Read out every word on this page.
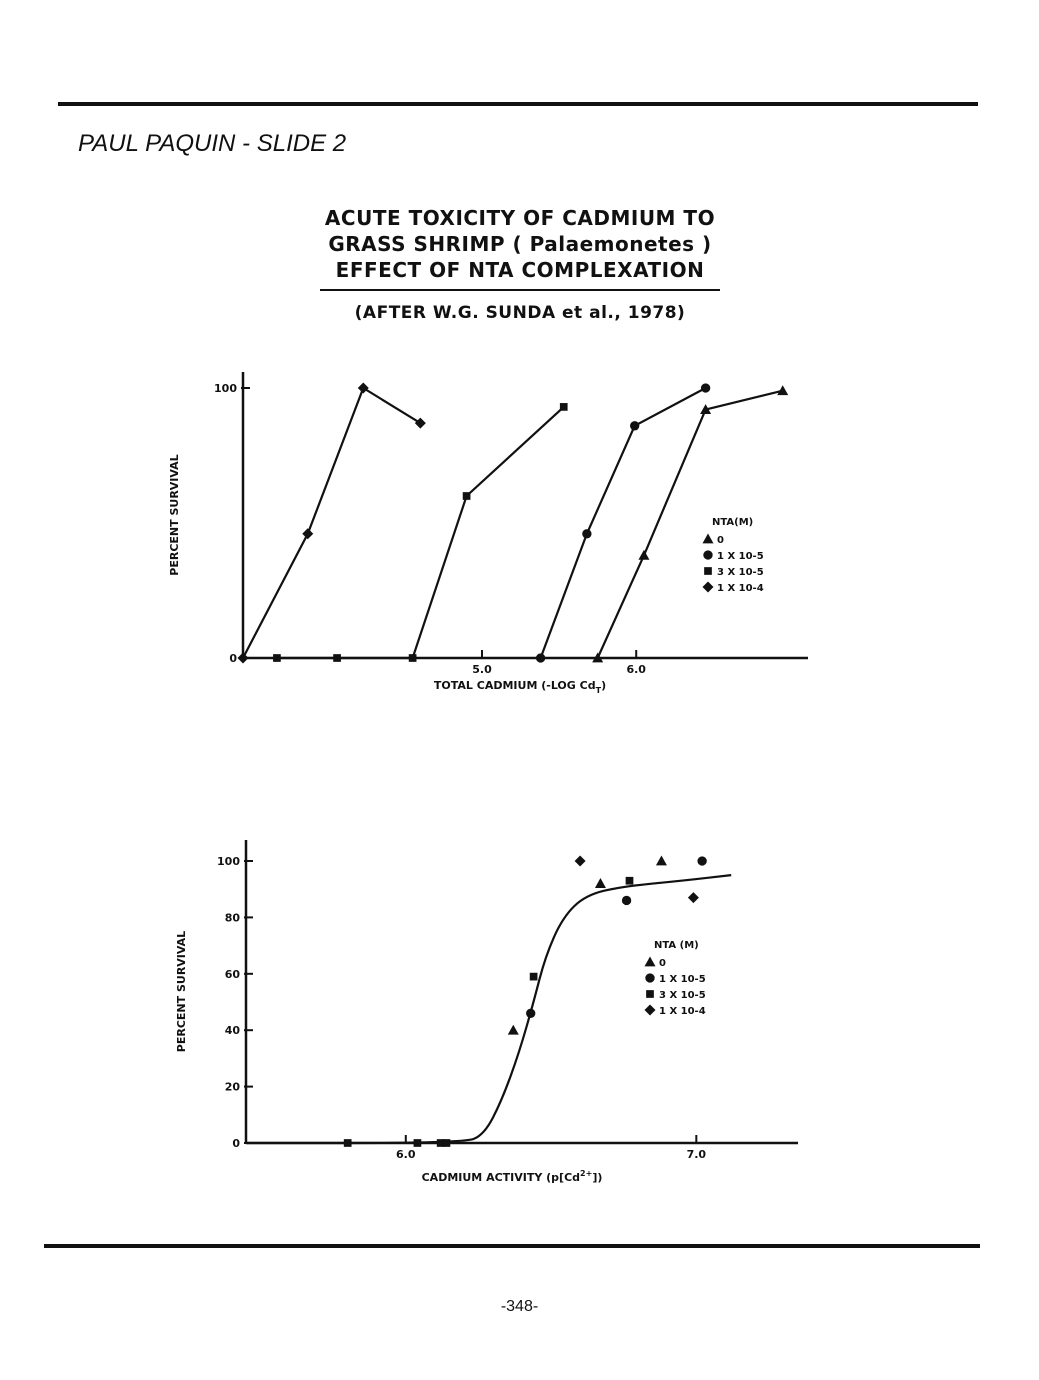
PAUL PAQUIN - SLIDE 2
ACUTE TOXICITY OF CADMIUM TO
GRASS SHRIMP ( Palaemonetes )
EFFECT OF NTA COMPLEXATION
(AFTER W.G. SUNDA et al., 1978)
0
100
5.0	6.0
PERCENT SURVIVAL
TOTAL CADMIUM (-LOG $Cd_T$)
NTA(M)
0
1 X 10-5
3 X 10-5
1 X 10-4
0
20
40
60
80
100
6.0	7.0
PERCENT SURVIVAL
CADMIUM ACTIVITY $(p[Cd^{2+}])$
NTA (M)
0
1 X 10-5
3 X 10-5
1 X 10-4
-348-
